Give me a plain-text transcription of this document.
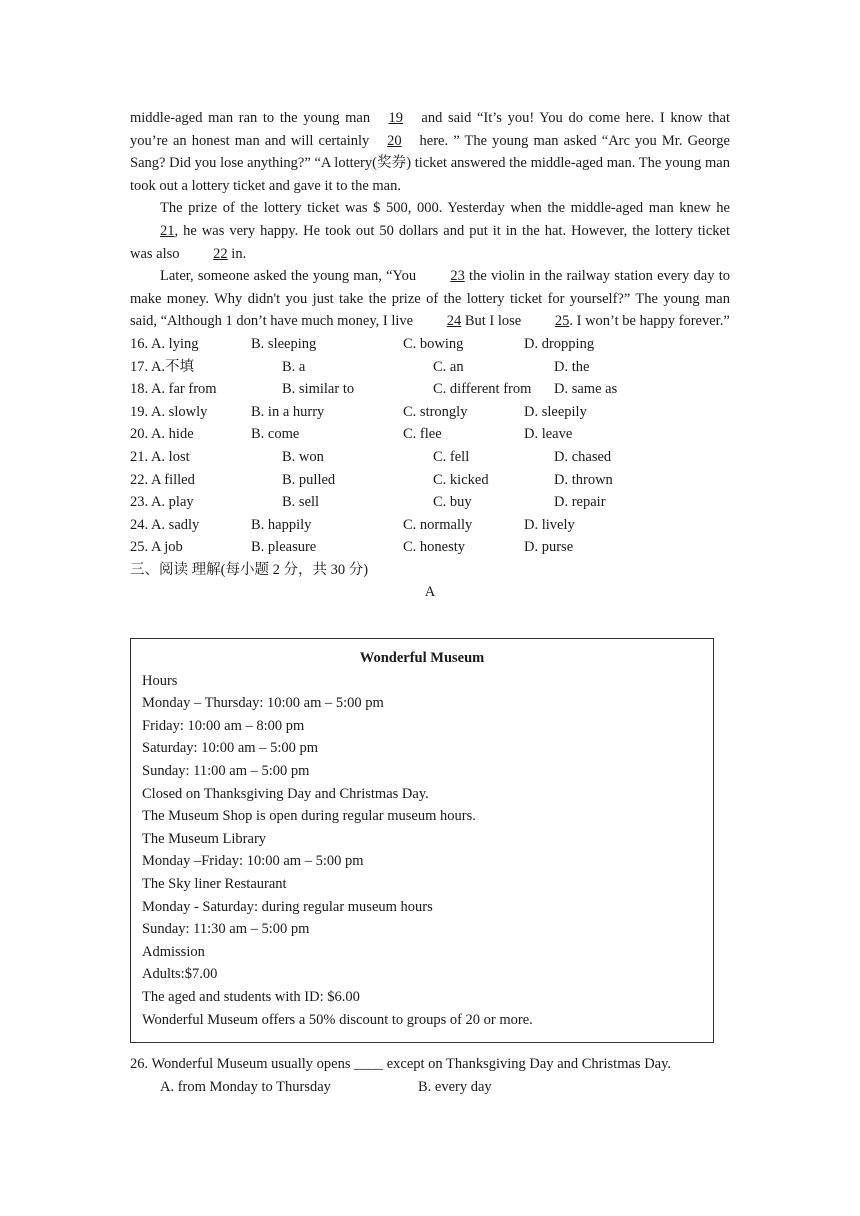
middle-aged man ran to the young man 19 and said “It’s you! You do come here. I know that you’re an honest man and will certainly 20 here. ” The young man asked “Arc you Mr. George Sang? Did you lose anything?” “A lottery(奖券) ticket answered the middle-aged man. The young man took out a lottery ticket and gave it to the man.

The prize of the lottery ticket was $ 500, 000. Yesterday when the middle-aged man knew he 21, he was very happy. He took out 50 dollars and put it in the hat. However, the lottery ticket was also 22 in.

Later, someone asked the young man, “You 23 the violin in the railway station every day to make money. Why didn't you just take the prize of the lottery ticket for yourself?” The young man said, “Although 1 don’t have much money, I live 24 But I lose 25. I won’t be happy forever.”

16. A. lying	B. sleeping	C. bowing	D. dropping
17. A.不填	B. a	C. an	D. the
18. A. far from	B. similar to	C. different from D. same as
19. A. slowly	B. in a hurry	C. strongly	D. sleepily
20. A. hide	B. come	C. flee	D. leave
21. A. lost	B. won	C. fell	D. chased
22. A filled	B. pulled	C. kicked	D. thrown
23. A. play	B. sell	C. buy	D. repair
24. A. sadly	B. happily	C. normally	D. lively
25. A job	B. pleasure	C. honesty	D. purse

三、阅读 理解(每小题 2 分，共 30 分)

A

Wonderful Museum
Hours
Monday – Thursday: 10:00 am – 5:00 pm
Friday: 10:00 am – 8:00 pm
Saturday: 10:00 am – 5:00 pm
Sunday: 11:00 am – 5:00 pm
Closed on Thanksgiving Day and Christmas Day.
The Museum Shop is open during regular museum hours.
The Museum Library
Monday –Friday: 10:00 am – 5:00 pm
The Sky liner Restaurant
Monday - Saturday: during regular museum hours
Sunday: 11:30 am – 5:00 pm
Admission
Adults:$7.00
The aged and students with ID: $6.00
Wonderful Museum offers a 50% discount to groups of 20 or more.
26. Wonderful Museum usually opens ____ except on Thanksgiving Day and Christmas Day.
A. from Monday to Thursday	B. every day
